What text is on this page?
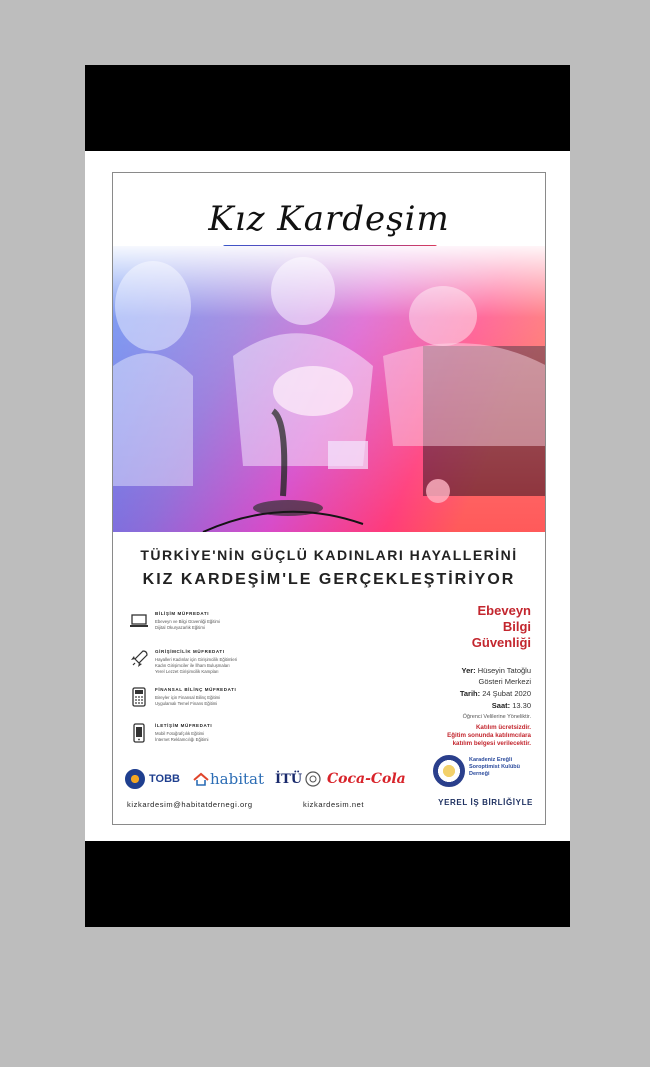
Kız Kardeşim
TÜRKİYE'NİN GÜÇLÜ KADINLARI HAYALLERİNİ
KIZ KARDEŞİM'LE GERÇEKLEŞTİRİYOR
BİLİŞİM MÜFREDATI
Ebeveyn ve Bilgi Güvenliği Eğitimi
Dijital Okuryazarlık Eğitimi
GİRİŞİMCİLİK MÜFREDATI
Hayalleri Kadınlar için Girişimcilik Eğitimleri
Kadın Girişimciler ile İlham Buluşmaları
Yerel Lezzet Girişimcilik Kampları
FİNANSAL BİLİNÇ MÜFREDATI
Bireyler için Finansal Bilinç Eğitimi
Uygulamalı Temel Finans Eğitimi
İLETİŞİM MÜFREDATI
Mobil Fotoğrafçılık Eğitimi
İnternet Reklamcılığı Eğitimi
Ebeveyn
Bilgi
Güvenliği
Yer: Hüseyin Tatoğlu
Gösteri Merkezi
Tarih: 24 Şubat 2020
Saat: 13.30
Öğrenci Velilerine Yöneliktir.
Katılım ücretsizdir.
Eğitim sonunda katılımcılara
katılım belgesi verilecektir.
TOBB habitat İTÜ Coca-Cola
Karadeniz Ereğli
Soroptimist Kulübü
Derneği
kizkardesim@habitatdernegi.org	kizkardesim.net	YEREL İŞ BİRLİĞİYLE
